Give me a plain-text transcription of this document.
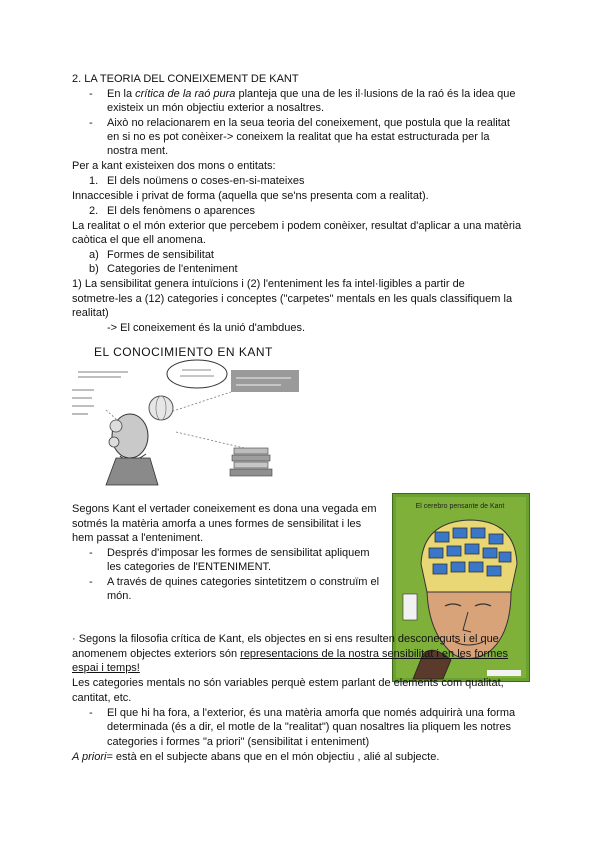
2. LA TEORIA DEL CONEIXEMENT DE KANT
En la crítica de la raó pura planteja que una de les il·lusions de la raó és la idea que
existeix un món objectiu exterior a nosaltres.
Això no relacionarem en la seua teoria del coneixement, que postula que la realitat
en si no es pot conèixer-> coneixem la realitat que ha estat estructurada per la
nostra ment.
Per a kant existeixen dos mons o entitats:
1. El dels noümens o coses-en-si-mateixes
Innaccesible i privat de forma (aquella que se'ns presenta com a realitat).
2. El dels fenòmens o aparences
La realitat o el món exterior que percebem i podem conèixer, resultat d'aplicar a una matèria
caòtica el que ell anomena.
a) Formes de sensibilitat
b) Categories de l'enteniment
1) La sensibilitat genera intuïcions i (2) l'enteniment les fa intel·ligibles a partir de
sotmetre-les a (12) categories i conceptes ("carpetes" mentals en les quals classifiquem la
realitat)
-> El coneixement és la unió d'ambdues.
EL CONOCIMIENTO EN KANT
El cerebro pensante de Kant
Segons Kant el vertader coneixement es dona una vegada em
sotmés la matèria amorfa a unes formes de sensibilitat i les
hem passat a l'enteniment.
Després d'imposar les formes de sensibilitat apliquem
les categories de l'ENTENIMENT.
A través de quines categories sintetitzem o construïm el
món.
· Segons la filosofia crítica de Kant, els objectes en si ens resulten desconeguts i el que
anomenem objectes exteriors són representacions de la nostra sensibilitat i en les formes
espai i temps!
Les categories mentals no són variables perquè estem parlant de elements com qualitat,
cantitat, etc.
El que hi ha fora, a l'exterior, és una matèria amorfa que només adquirirà una forma
determinada (és a dir, el motle de la "realitat") quan nosaltres lia pliquem les notres
categories i formes "a priori" (sensibilitat i enteniment)
A priori= està en el subjecte abans que en el món objectiu , alié al subjecte.
